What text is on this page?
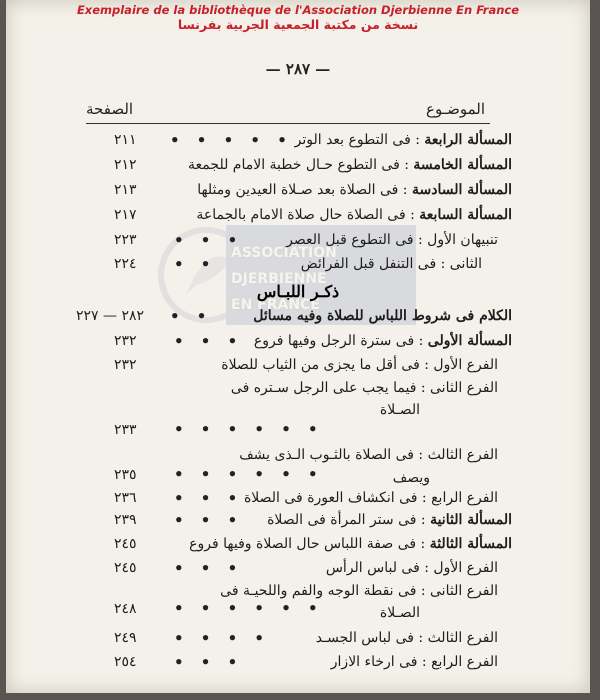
Exemplaire de la bibliothèque de l'Association Djerbienne En France
نسخة من مكتبة الجمعية الجربية بفرنسا
— ٢٨٧ —
الموضـوع
الصفحة
ASSOCIATION
DJERBIENNE
EN FRANCE
المسألة الرابعة : فى التطوع بعد الوتر
• • • • •
٢١١
المسألة الخامسة : فى التطوع حـال خطبة الامام للجمعة
٢١٢
المسألة السادسة : فى الصلاة بعد صـلاة العيدين ومثلها
٢١٣
المسألة السابعة : فى الصلاة حال صلاة الامام بالجماعة
٢١٧
تنبيهان الأول : فى التطوع قبل العصر
• • •
٢٢٣
الثانى : فى التنفل قبل الفرائض
• •
٢٢٤
ذكـر اللبـاس
الكلام فى شروط اللباس للصلاة وفيه مسائل
• •
٢٨٢ — ٢٢٧
المسألة الأولى : فى سترة الرجل وفيها فروع
• • •
٢٣٢
الفرع الأول : فى أقل ما يجزى من الثياب للصلاة
٢٣٢
الفرع الثانى : فيما يجب على الرجل سـتره فى
الصـلاة
• • • • • •
٢٣٣
الفرع الثالث : فى الصلاة بالثـوب الـذى يشف
• • • • • •
٢٣٥	ويصف
الفرع الرابع : فى انكشاف العورة فى الصلاة
• • •
٢٣٦
المسألة الثانية : فى ستر المرأة فى الصلاة
• • •
٢٣٩
المسألة الثالثة : فى صفة اللباس حال الصلاة وفيها فروع
٢٤٥
الفرع الأول : فى لباس الرأس
• • •
٢٤٥
الفرع الثانى : فى نقطة الوجه والفم واللحيـة فى
• • • • • •
٢٤٨	الصـلاة
الفرع الثالث : فى لباس الجسـد
• • • •
٢٤٩
الفرع الرابع : فى ارخاء الازار
• • •
٢٥٤
